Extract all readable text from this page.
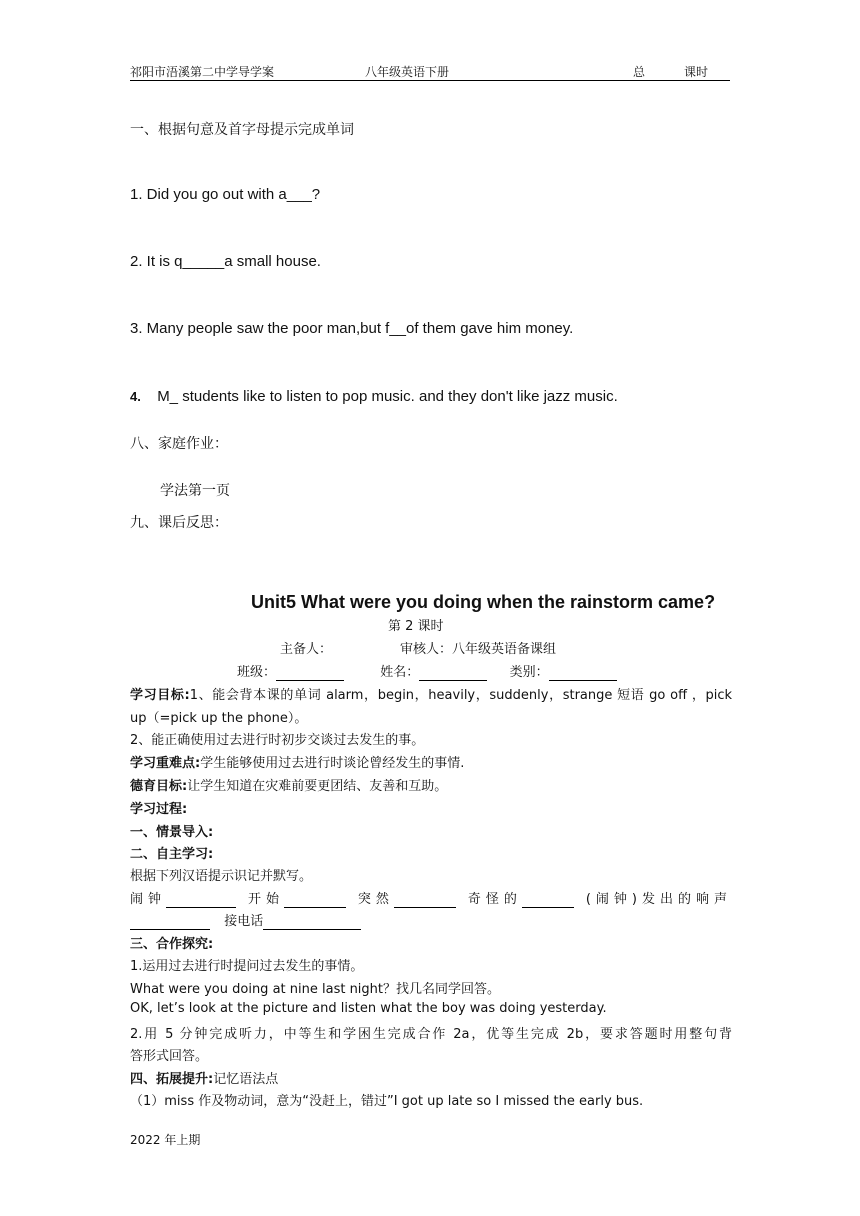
祁阳市浯溪第二中学导学案	八年级英语下册	总	课时
一、根据句意及首字母提示完成单词
1. Did you go out with a___?
2. It is q_____a small house.
3. Many people saw the poor man,but f__of them gave him money.
4. M_ students like to listen to pop music. and they don't like jazz music.
八、家庭作业：
学法第一页
九、课后反思：
Unit5 What were you doing when the rainstorm came?
第 2 课时
主备人：	审核人：八年级英语备课组
班级：	姓名：	类别：
学习目标:1、能会背本课的单词 alarm，begin，heavily，suddenly，strange 短语 go off ，pick
up（=pick up the phone）。
2、能正确使用过去进行时初步交谈过去发生的事。
学习重难点:学生能够使用过去进行时谈论曾经发生的事情.
德育目标:让学生知道在灾难前要更团结、友善和互助。
学习过程:
一、情景导入:
二、自主学习:
根据下列汉语提示识记并默写。
闹钟	开始	突然	奇怪的	(闹钟)发出的响声
接电话
三、合作探究:
1.运用过去进行时提问过去发生的事情。
What were you doing at nine last night？找几名同学回答。
OK, let’s look at the picture and listen what the boy was doing yesterday.
2.用 5 分钟完成听力，中等生和学困生完成合作 2a，优等生完成 2b，要求答题时用整句背
答形式回答。
四、拓展提升:记忆语法点
（1）miss 作及物动词，意为“没赶上，错过”I got up late so I missed the early bus.
2022 年上期
